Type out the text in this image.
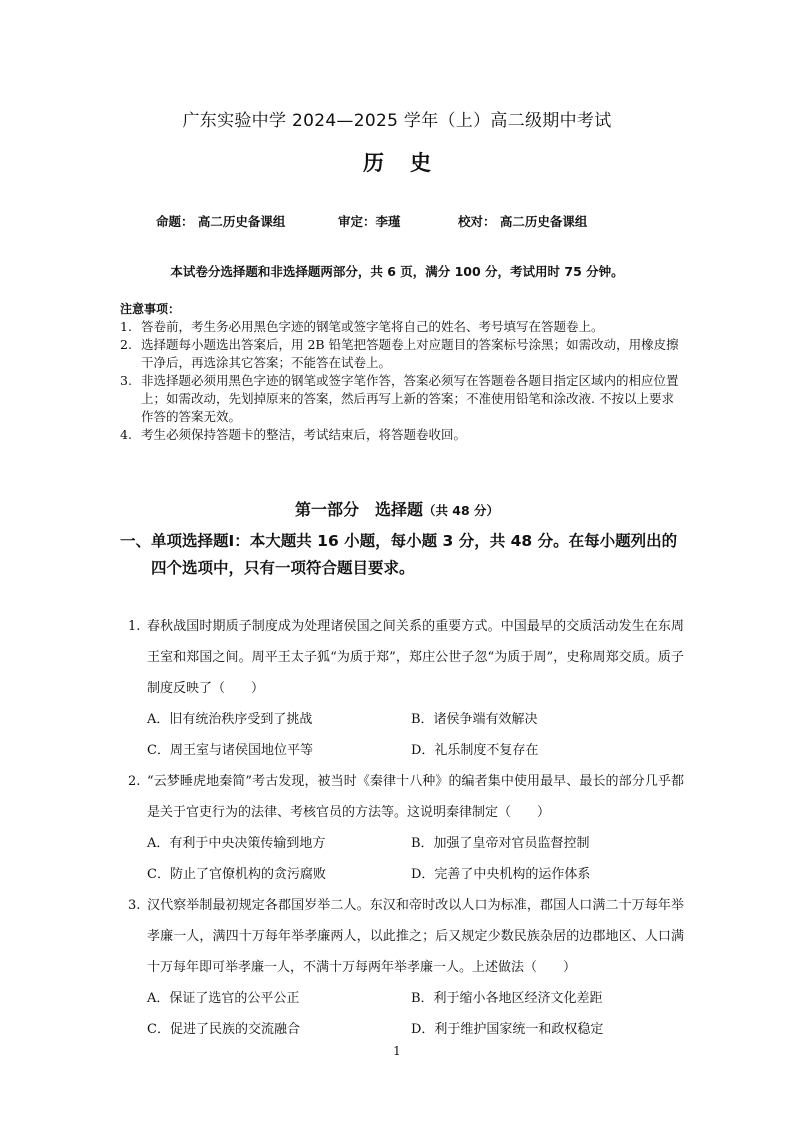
广东实验中学 2024—2025 学年（上）高二级期中考试
历史
命题： 高二历史备课组	审定：李瑾	校对： 高二历史备课组
本试卷分选择题和非选择题两部分，共 6 页，满分 100 分，考试用时 75 分钟。
注意事项：
1. 答卷前，考生务必用黑色字迹的钢笔或签字笔将自己的姓名、考号填写在答题卷上。
2. 选择题每小题选出答案后，用 2B 铅笔把答题卷上对应题目的答案标号涂黑；如需改动，用橡皮擦干净后，再选涂其它答案；不能答在试卷上。
3. 非选择题必须用黑色字迹的钢笔或签字笔作答，答案必须写在答题卷各题目指定区域内的相应位置上；如需改动，先划掉原来的答案，然后再写上新的答案；不准使用铅笔和涂改液. 不按以上要求作答的答案无效。
4. 考生必须保持答题卡的整洁，考试结束后，将答题卷收回。
第一部分　选择题（共 48 分）
一、单项选择题Ⅰ：本大题共 16 小题，每小题 3 分，共 48 分。在每小题列出的
四个选项中，只有一项符合题目要求。
1. 春秋战国时期质子制度成为处理诸侯国之间关系的重要方式。中国最早的交质活动发生在东周王室和郑国之间。周平王太子狐“为质于郑”，郑庄公世子忽“为质于周”，史称周郑交质。质子制度反映了（　　）
A．旧有统治秩序受到了挑战	B．诸侯争端有效解决
C．周王室与诸侯国地位平等	D．礼乐制度不复存在
2. “云梦睡虎地秦简”考古发现，被当时《秦律十八种》的编者集中使用最早、最长的部分几乎都是关于官吏行为的法律、考核官员的方法等。这说明秦律制定（　　）
A．有利于中央决策传输到地方	B．加强了皇帝对官员监督控制
C．防止了官僚机构的贪污腐败	D．完善了中央机构的运作体系
3. 汉代察举制最初规定各郡国岁举二人。东汉和帝时改以人口为标准，郡国人口满二十万每年举孝廉一人，满四十万每年举孝廉两人，以此推之；后又规定少数民族杂居的边郡地区、人口满十万每年即可举孝廉一人，不满十万每两年举孝廉一人。上述做法（　　）
A．保证了选官的公平公正	B．利于缩小各地区经济文化差距
C．促进了民族的交流融合	D．利于维护国家统一和政权稳定
1
